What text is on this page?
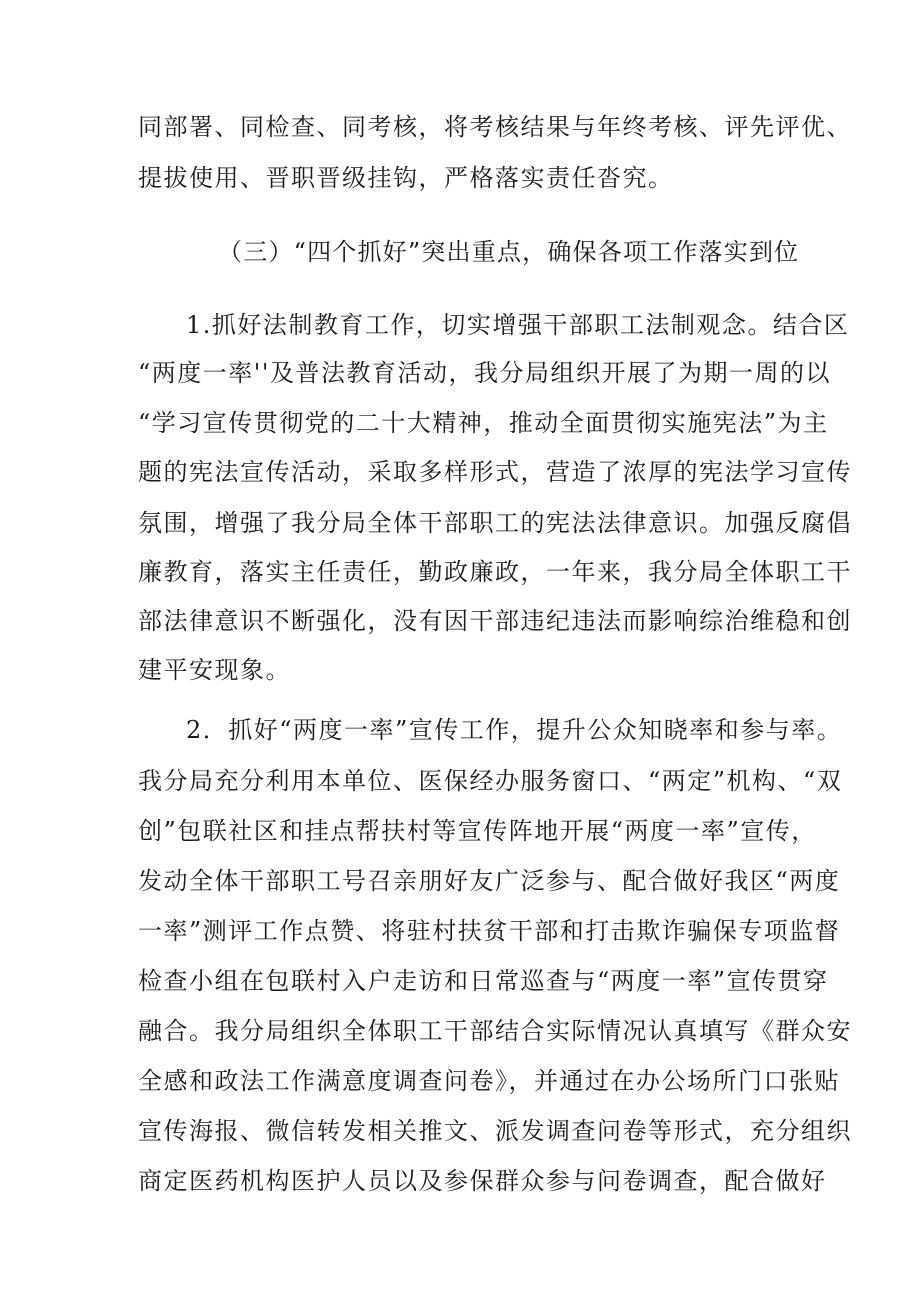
同部署、同检查、同考核，将考核结果与年终考核、评先评优、
提拔使用、晋职晋级挂钩，严格落实责任沓究。
（三）“四个抓好”突出重点，确保各项工作落实到位
1.抓好法制教育工作，切实增强干部职工法制观念。结合区
“两度一率''及普法教育活动，我分局组织开展了为期一周的以
“学习宣传贯彻党的二十大精神，推动全面贯彻实施宪法”为主
题的宪法宣传活动，采取多样形式，营造了浓厚的宪法学习宣传
氛围，增强了我分局全体干部职工的宪法法律意识。加强反腐倡
廉教育，落实主任责任，勤政廉政，一年来，我分局全体职工干
部法律意识不断强化，没有因干部违纪违法而影响综治维稳和创
建平安现象。
2．抓好“两度一率”宣传工作，提升公众知晓率和参与率。
我分局充分利用本单位、医保经办服务窗口、“两定”机构、“双
创”包联社区和挂点帮扶村等宣传阵地开展“两度一率”宣传，
发动全体干部职工号召亲朋好友广泛参与、配合做好我区“两度
一率”测评工作点赞、将驻村扶贫干部和打击欺诈骗保专项监督
检查小组在包联村入户走访和日常巡查与“两度一率”宣传贯穿
融合。我分局组织全体职工干部结合实际情况认真填写《群众安
全感和政法工作满意度调查问卷》，并通过在办公场所门口张贴
宣传海报、微信转发相关推文、派发调查问卷等形式，充分组织
商定医药机构医护人员以及参保群众参与问卷调查，配合做好
